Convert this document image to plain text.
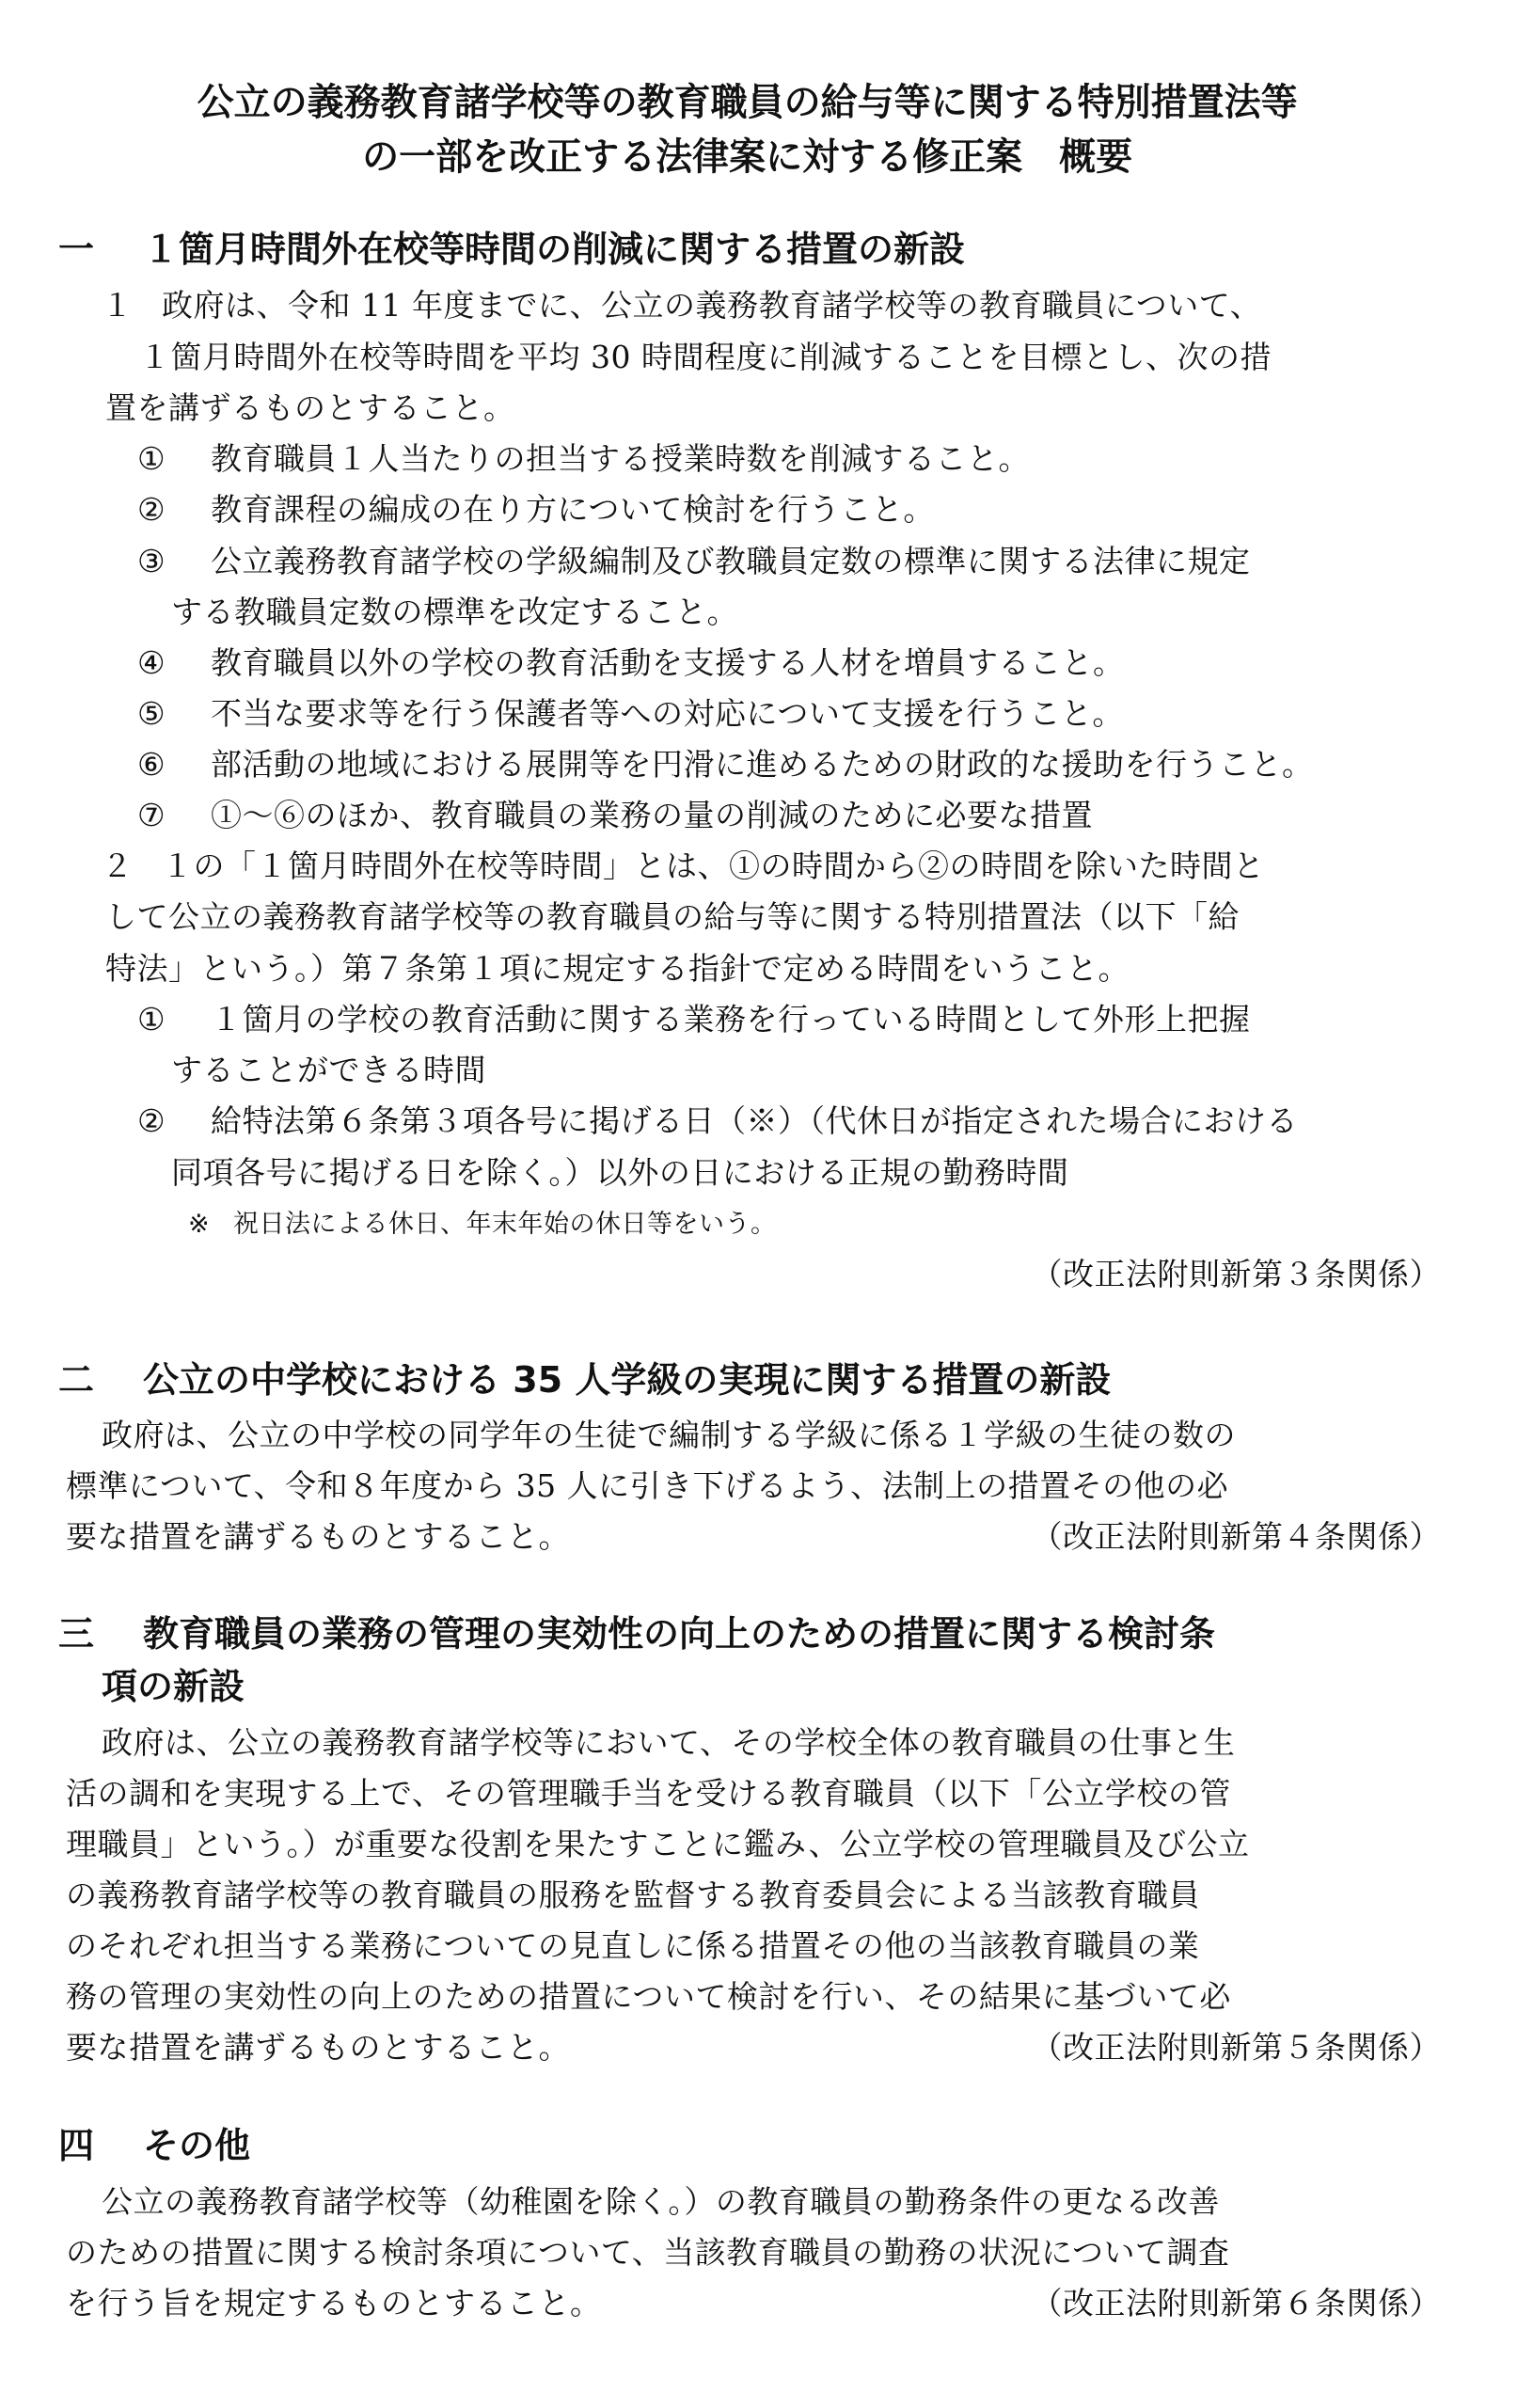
公立の義務教育諸学校等の教育職員の給与等に関する特別措置法等
の一部を改正する法律案に対する修正案　概要
一 １箇月時間外在校等時間の削減に関する措置の新設

１ 政府は、令和 11 年度までに、公立の義務教育諸学校等の教育職員について、

１箇月時間外在校等時間を平均 30 時間程度に削減することを目標とし、次の措

置を講ずるものとすること。

① 教育職員１人当たりの担当する授業時数を削減すること。

② 教育課程の編成の在り方について検討を行うこと。

③ 公立義務教育諸学校の学級編制及び教職員定数の標準に関する法律に規定

する教職員定数の標準を改定すること。

④ 教育職員以外の学校の教育活動を支援する人材を増員すること。

⑤ 不当な要求等を行う保護者等への対応について支援を行うこと。

⑥ 部活動の地域における展開等を円滑に進めるための財政的な援助を行うこと。

⑦ ①～⑥のほか、教育職員の業務の量の削減のために必要な措置

２ １の「１箇月時間外在校等時間」とは、①の時間から②の時間を除いた時間と

して公立の義務教育諸学校等の教育職員の給与等に関する特別措置法（以下「給

特法」という。）第７条第１項に規定する指針で定める時間をいうこと。

① １箇月の学校の教育活動に関する業務を行っている時間として外形上把握

することができる時間

② 給特法第６条第３項各号に掲げる日（※）（代休日が指定された場合における

同項各号に掲げる日を除く。）以外の日における正規の勤務時間

※ 祝日法による休日、年末年始の休日等をいう。

（改正法附則新第３条関係）

二 公立の中学校における 35 人学級の実現に関する措置の新設

政府は、公立の中学校の同学年の生徒で編制する学級に係る１学級の生徒の数の

標準について、令和８年度から 35 人に引き下げるよう、法制上の措置その他の必

要な措置を講ずるものとすること。	（改正法附則新第４条関係）

三 教育職員の業務の管理の実効性の向上のための措置に関する検討条
項の新設

政府は、公立の義務教育諸学校等において、その学校全体の教育職員の仕事と生

活の調和を実現する上で、その管理職手当を受ける教育職員（以下「公立学校の管

理職員」という。）が重要な役割を果たすことに鑑み、公立学校の管理職員及び公立

の義務教育諸学校等の教育職員の服務を監督する教育委員会による当該教育職員

のそれぞれ担当する業務についての見直しに係る措置その他の当該教育職員の業

務の管理の実効性の向上のための措置について検討を行い、その結果に基づいて必

要な措置を講ずるものとすること。	（改正法附則新第５条関係）

四 その他

公立の義務教育諸学校等（幼稚園を除く。）の教育職員の勤務条件の更なる改善

のための措置に関する検討条項について、当該教育職員の勤務の状況について調査

を行う旨を規定するものとすること。	（改正法附則新第６条関係）
